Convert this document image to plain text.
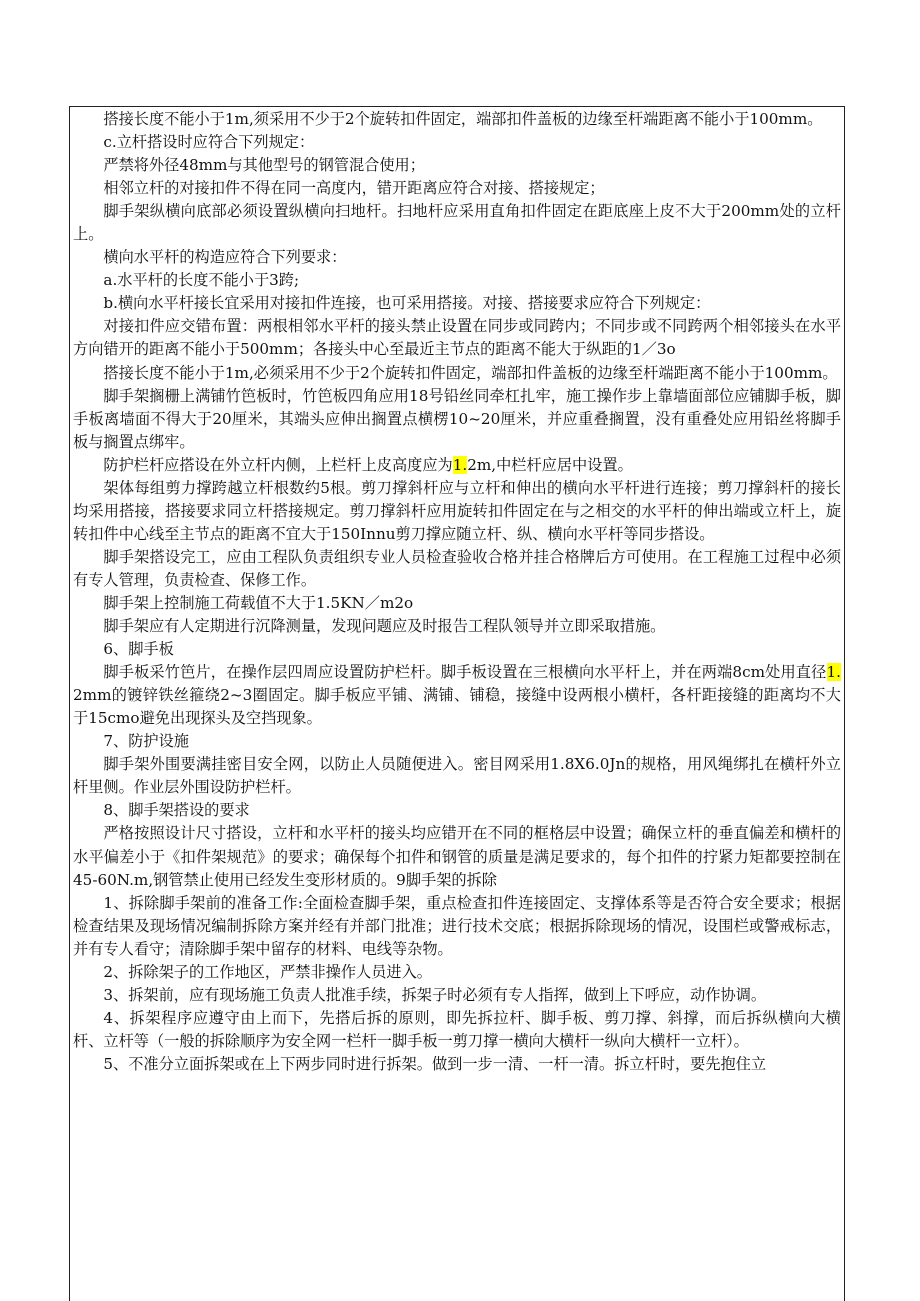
搭接长度不能小于1m,须采用不少于2个旋转扣件固定，端部扣件盖板的边缘至杆端距离不能小于100mm。

c.立杆搭设时应符合下列规定：

严禁将外径48mm与其他型号的钢管混合使用；

相邻立杆的对接扣件不得在同一高度内，错开距离应符合对接、搭接规定；

脚手架纵横向底部必须设置纵横向扫地杆。扫地杆应采用直角扣件固定在距底座上皮不大于200mm处的立杆上。

横向水平杆的构造应符合下列要求：

a.水平杆的长度不能小于3跨;

b.横向水平杆接长宜采用对接扣件连接，也可采用搭接。对接、搭接要求应符合下列规定：

对接扣件应交错布置：两根相邻水平杆的接头禁止设置在同步或同跨内；不同步或不同跨两个相邻接头在水平方向错开的距离不能小于500mm；各接头中心至最近主节点的距离不能大于纵距的1／3o

搭接长度不能小于1m,必须采用不少于2个旋转扣件固定，端部扣件盖板的边缘至杆端距离不能小于100mm。

脚手架搁栅上满铺竹笆板时，竹笆板四角应用18号铅丝同牵杠扎牢，施工操作步上靠墙面部位应铺脚手板，脚手板离墙面不得大于20厘米，其端头应伸出搁置点横楞10~20厘米，并应重叠搁置，没有重叠处应用铅丝将脚手板与搁置点绑牢。

防护栏杆应搭设在外立杆内侧，上栏杆上皮高度应为1.2m,中栏杆应居中设置。

架体每组剪力撑跨越立杆根数约5根。剪刀撑斜杆应与立杆和伸出的横向水平杆进行连接；剪刀撑斜杆的接长均采用搭接，搭接要求同立杆搭接规定。剪刀撑斜杆应用旋转扣件固定在与之相交的水平杆的伸出端或立杆上，旋转扣件中心线至主节点的距离不宜大于150Innu剪刀撑应随立杆、纵、横向水平杆等同步搭设。

脚手架搭设完工，应由工程队负责组织专业人员检查验收合格并挂合格牌后方可使用。在工程施工过程中必须有专人管理，负责检查、保修工作。

脚手架上控制施工荷载值不大于1.5KN／m2o

脚手架应有人定期进行沉降测量，发现问题应及时报告工程队领导并立即采取措施。

6、脚手板

脚手板采竹笆片，在操作层四周应设置防护栏杆。脚手板设置在三根横向水平杆上，并在两端8cm处用直径1.2mm的镀锌铁丝箍绕2~3圈固定。脚手板应平铺、满铺、铺稳，接缝中设两根小横杆，各杆距接缝的距离均不大于15cmo避免出现探头及空挡现象。

7、防护设施

脚手架外围要满挂密目安全网，以防止人员随便进入。密目网采用1.8X6.0Jn的规格，用风绳绑扎在横杆外立杆里侧。作业层外围设防护栏杆。

8、脚手架搭设的要求

严格按照设计尺寸搭设，立杆和水平杆的接头均应错开在不同的框格层中设置；确保立杆的垂直偏差和横杆的水平偏差小于《扣件架规范》的要求；确保每个扣件和钢管的质量是满足要求的，每个扣件的拧紧力矩都要控制在45-60N.m,钢管禁止使用已经发生变形材质的。9脚手架的拆除

1、拆除脚手架前的准备工作:全面检查脚手架，重点检查扣件连接固定、支撑体系等是否符合安全要求；根据检查结果及现场情况编制拆除方案并经有并部门批准；进行技术交底；根据拆除现场的情况，设围栏或警戒标志，并有专人看守；清除脚手架中留存的材料、电线等杂物。

2、拆除架子的工作地区，严禁非操作人员进入。

3、拆架前，应有现场施工负责人批准手续，拆架子时必须有专人指挥，做到上下呼应，动作协调。

4、拆架程序应遵守由上而下，先搭后拆的原则，即先拆拉杆、脚手板、剪刀撑、斜撑，而后拆纵横向大横杆、立杆等（一般的拆除顺序为安全网一栏杆一脚手板一剪刀撑一横向大横杆一纵向大横杆一立杆）。

5、不准分立面拆架或在上下两步同时进行拆架。做到一步一清、一杆一清。拆立杆时，要先抱住立
